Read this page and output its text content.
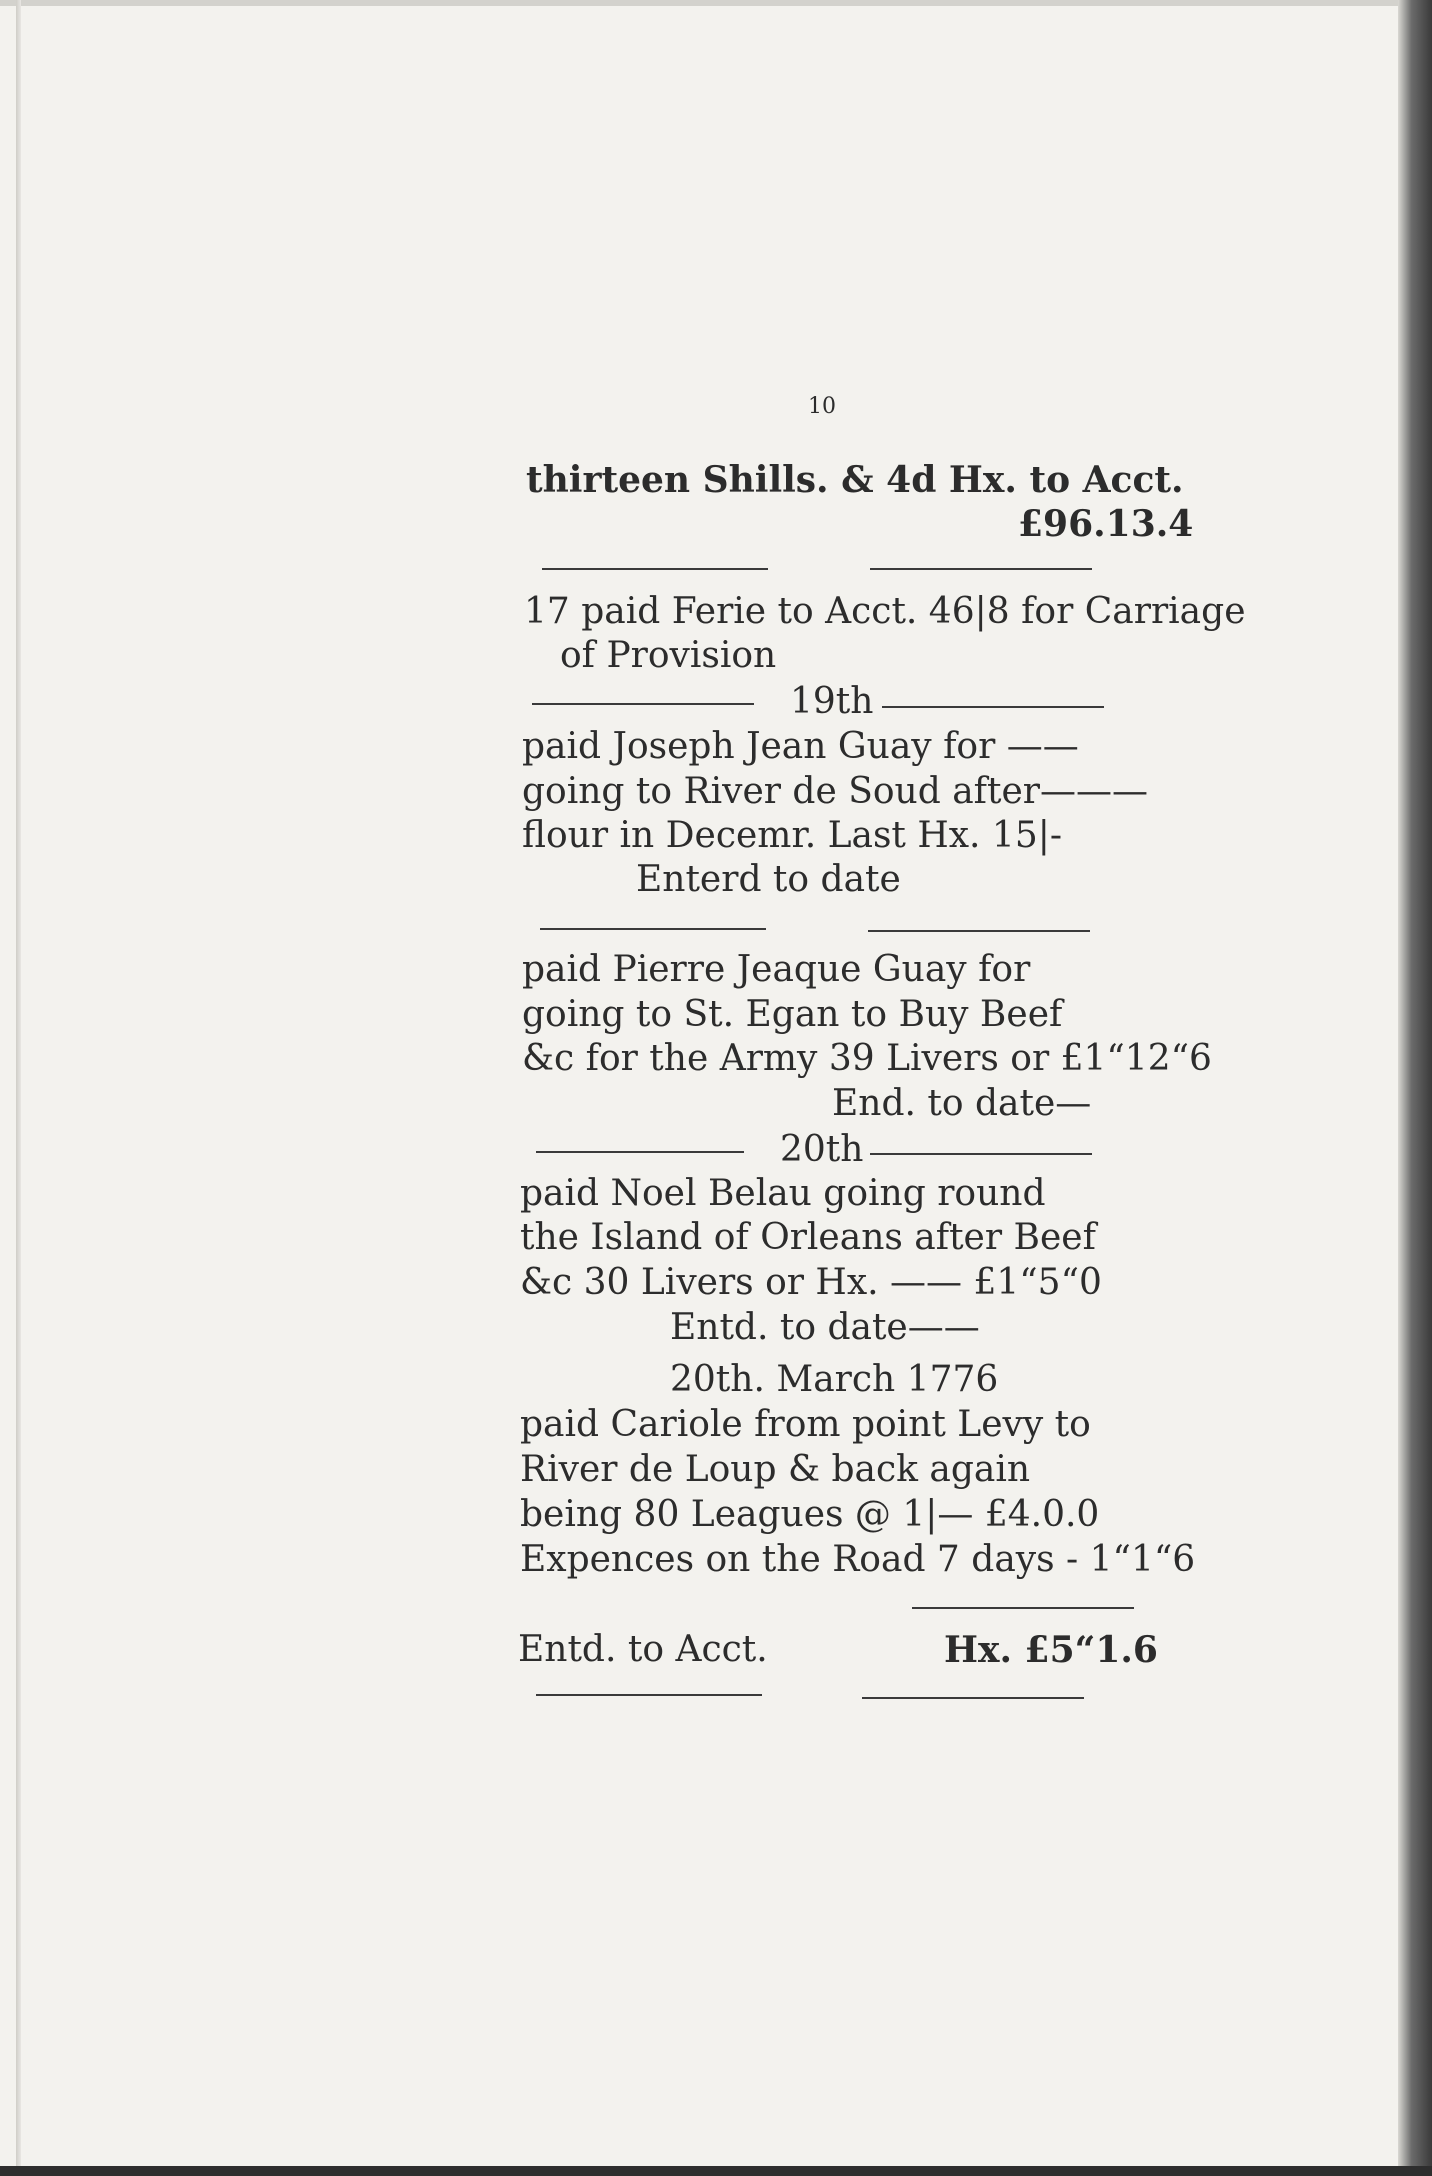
10
thirteen Shills. & 4d Hx. to Acct.
£96.13.4
17 paid Ferie to Acct. 46|8 for Carriage
of Provision
19th
paid Joseph Jean Guay for ——
going to River de Soud after———
flour in Decemr. Last Hx. 15|-
Enterd to date
paid Pierre Jeaque Guay for
going to St. Egan to Buy Beef
&c for the Army 39 Livers or £1“12“6
End. to date—
20th
paid Noel Belau going round
the Island of Orleans after Beef
&c 30 Livers or Hx. —— £1“5“0
Entd. to date——
20th. March 1776
paid Cariole from point Levy to
River de Loup & back again
being 80 Leagues @ 1|— £4.0.0
Expences on the Road 7 days - 1“1“6
Entd. to Acct.	Hx. £5“1.6
